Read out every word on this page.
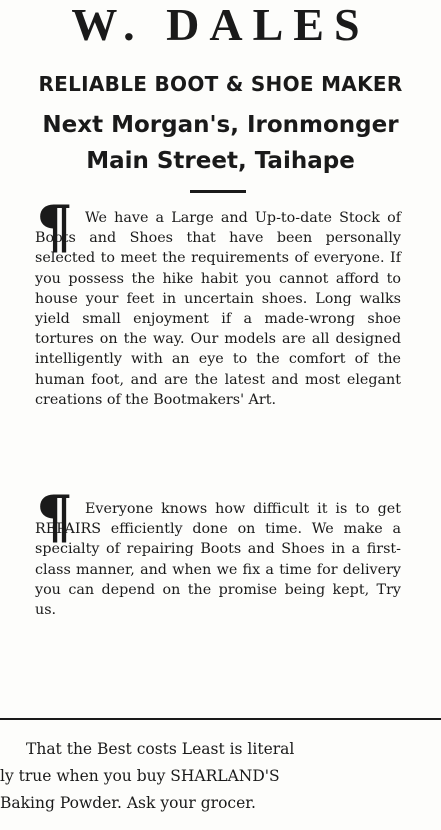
W. DALES
RELIABLE BOOT & SHOE MAKER
Next Morgan's, Ironmonger
Main Street, Taihape
¶ We have a Large and Up-to-date Stock of Boots and Shoes that have been personally selected to meet the requirements of everyone. If you possess the hike habit you cannot afford to house your feet in uncertain shoes. Long walks yield small enjoyment if a made-wrong shoe tortures on the way. Our models are all designed intelligently with an eye to the comfort of the human foot, and are the latest and most elegant creations of the Bootmakers' Art.
¶ Everyone knows how difficult it is to get REPAIRS efficiently done on time. We make a specialty of repairing Boots and Shoes in a first-class manner, and when we fix a time for delivery you can depend on the promise being kept, Try us.
That the Best costs Least is literal
ly true when you buy SHARLAND'S
Baking Powder. Ask your grocer.
